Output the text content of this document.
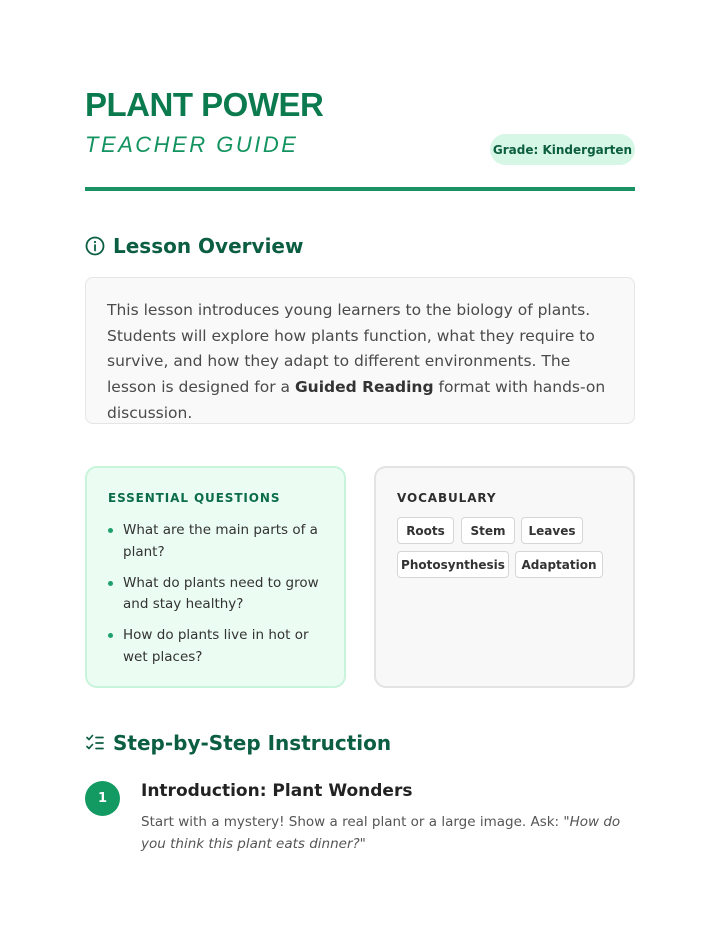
PLANT POWER
TEACHER GUIDE	Grade: Kindergarten
Lesson Overview
This lesson introduces young learners to the biology of plants. Students will explore how plants function, what they require to survive, and how they adapt to different environments. The lesson is designed for a Guided Reading format with hands-on discussion.
ESSENTIAL QUESTIONS
What are the main parts of a plant?
What do plants need to grow and stay healthy?
How do plants live in hot or wet places?
VOCABULARY
Roots	Stem	Leaves
Photosynthesis	Adaptation
Step-by-Step Instruction
1	Introduction: Plant Wonders
Start with a mystery! Show a real plant or a large image. Ask: "How do you think this plant eats dinner?"
